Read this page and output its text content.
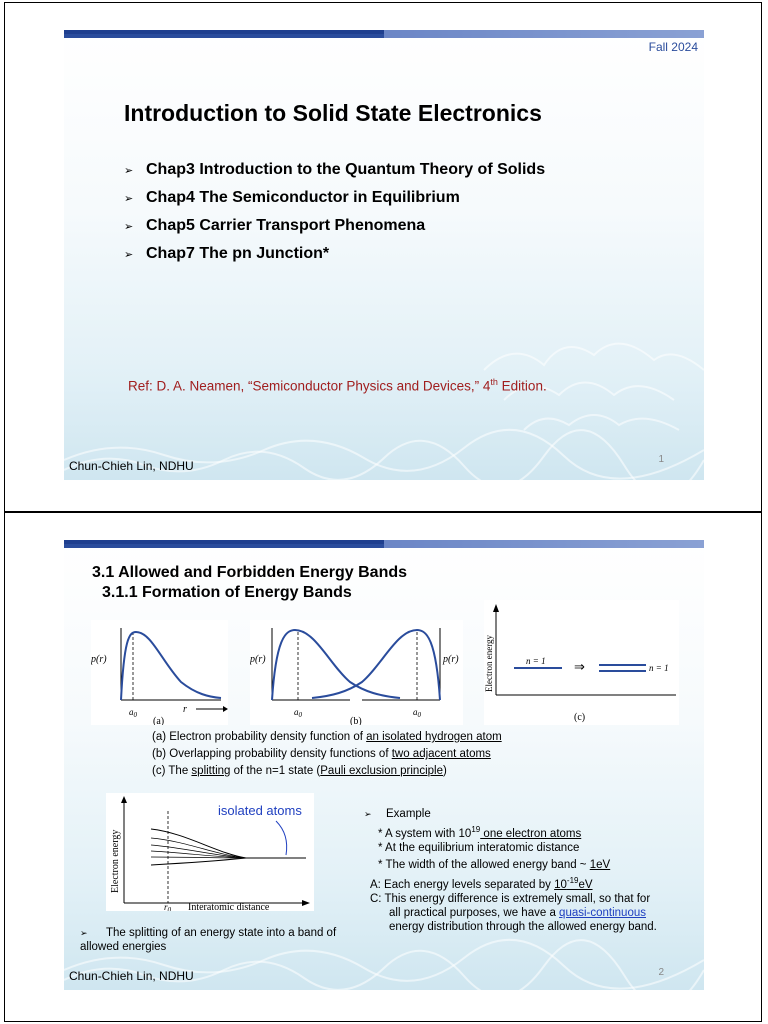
Fall 2024
Introduction to Solid State Electronics
➢ Chap3 Introduction to the Quantum Theory of Solids
➢ Chap4 The Semiconductor in Equilibrium
➢ Chap5 Carrier Transport Phenomena
➢ Chap7 The pn Junction*
Ref: D. A. Neamen, “Semiconductor Physics and Devices,” 4th Edition.
1
Chun-Chieh Lin, NDHU
3.1 Allowed and Forbidden Energy Bands
3.1.1 Formation of Energy Bands
p(r)
$a_0$	r
(a)
p(r)	p(r)
$a_0$	$a_0$
(b)
Electron energy	n = 1 ⇒	n = 1
(c)
(a) Electron probability density function of an isolated hydrogen atom
(b) Overlapping probability density functions of two adjacent atoms
(c) The splitting of the n=1 state (Pauli exclusion principle)
Electron energy
$r_0$ Interatomic distance
isolated atoms
➢ The splitting of an energy state into a band of allowed energies
➢ Example
* A system with $10^{19}$ one electron atoms
* At the equilibrium interatomic distance
* The width of the allowed energy band ~ 1eV
A: Each energy levels separated by $10^{-19}eV$
C: This energy difference is extremely small, so that for
all practical purposes, we have a quasi-continuous
energy distribution through the allowed energy band.
2
Chun-Chieh Lin, NDHU
